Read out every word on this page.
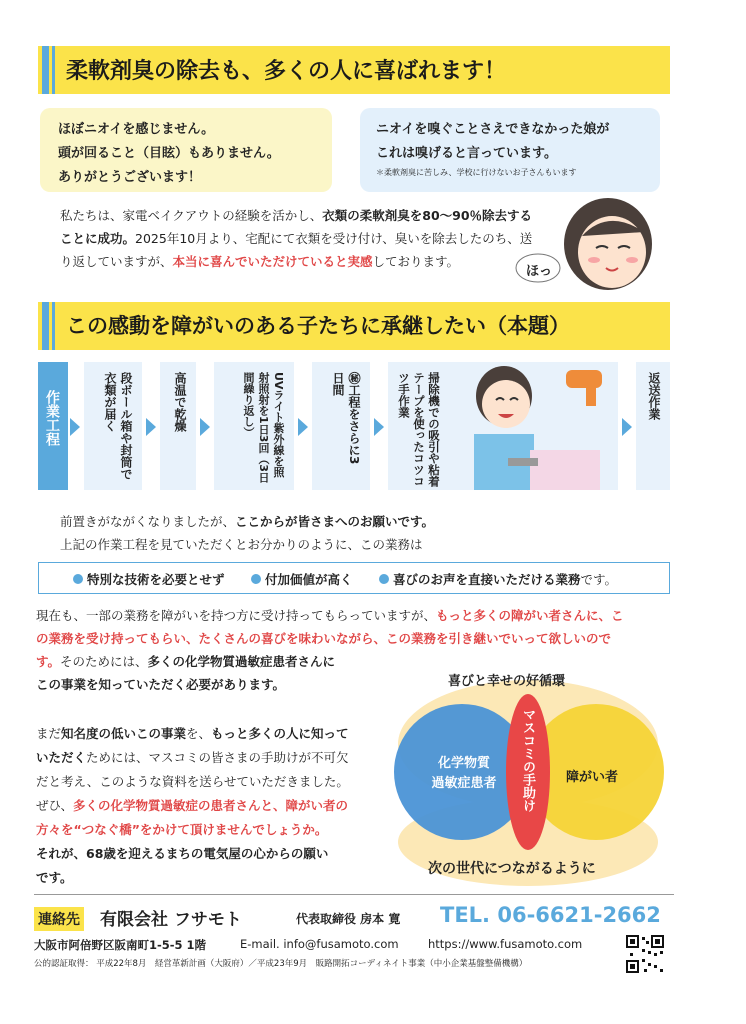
柔軟剤臭の除去も、多くの人に喜ばれます！
ほぼニオイを感じません。
頭が回ること（目眩）もありません。
ありがとうございます！
ニオイを嗅ぐことさえできなかった娘が
これは嗅げると言っています。
＊柔軟剤臭に苦しみ、学校に行けないお子さんもいます
私たちは、家電ベイクアウトの経験を活かし、衣類の柔軟剤臭を80〜90％除去する
ことに成功。2025年10月より、宅配にて衣類を受け付け、臭いを除去したのち、送
り返していますが、本当に喜んでいただけていると実感しております。
ほっ
この感動を障がいのある子たちに承継したい（本題）
作業工程	段ボール箱や封筒で衣類が届く	高温で乾燥	UVライト紫外線を照射照射を1日3回（3日間繰り返し）	㊙工程をさらに3日間	掃除機での吸引や粘着テープを使ったコツコツ手作業	返送作業
前置きがながくなりましたが、ここからが皆さまへのお願いです。
上記の作業工程を見ていただくとお分かりのように、この業務は
特別な技術を必要とせず	付加価値が高く	喜びのお声を直接いただける業務です。
現在も、一部の業務を障がいを持つ方に受け持ってもらっていますが、もっと多くの障がい者さんに、こ
の業務を受け持ってもらい、たくさんの喜びを味わいながら、この業務を引き継いでいって欲しいので
す。そのためには、多くの化学物質過敏症患者さんに
この事業を知っていただく必要があります。
まだ知名度の低いこの事業を、もっと多くの人に知って
いただくためには、マスコミの皆さまの手助けが不可欠
だと考え、このような資料を送らせていただきました。
ぜひ、多くの化学物質過敏症の患者さんと、障がい者の
方々を“つなぐ橋”をかけて頂けませんでしょうか。
それが、68歳を迎えるまちの電気屋の心からの願い
です。
喜びと幸せの好循環
化学物質
過敏症患者	マスコミの手助け 障がい者
次の世代につながるように
連絡先 有限会社 フサモト	代表取締役 房本 寛 TEL. 06-6621-2662
大阪市阿倍野区阪南町1-5-5 1階	E-mail. info@fusamoto.com	https://www.fusamoto.com
公的認証取得： 平成22年8月　経営革新計画（大阪府）／平成23年9月　販路開拓コーディネイト事業（中小企業基盤整備機構）
